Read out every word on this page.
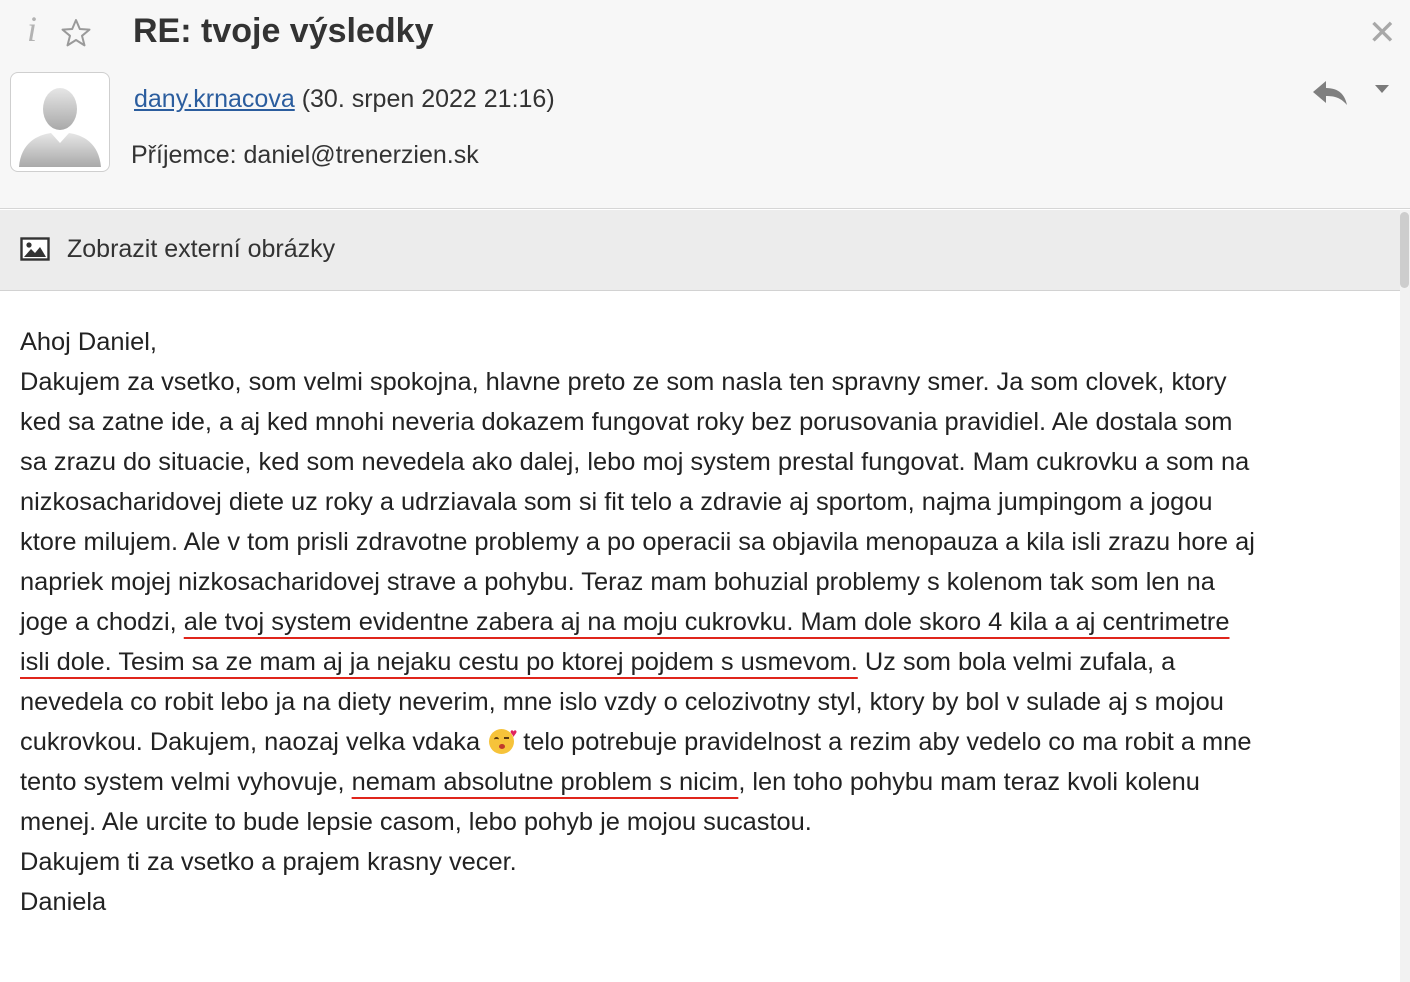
i	RE: tvoje výsledky	✕
dany.krnacova (30. srpen 2022 21:16)
Příjemce: daniel@trenerzien.sk
Zobrazit externí obrázky
Ahoj Daniel,
Dakujem za vsetko, som velmi spokojna, hlavne preto ze som nasla ten spravny smer. Ja som clovek, ktory
ked sa zatne ide, a aj ked mnohi neveria dokazem fungovat roky bez porusovania pravidiel. Ale dostala som
sa zrazu do situacie, ked som nevedela ako dalej, lebo moj system prestal fungovat. Mam cukrovku a som na
nizkosacharidovej diete uz roky a udrziavala som si fit telo a zdravie aj sportom, najma jumpingom a jogou
ktore milujem. Ale v tom prisli zdravotne problemy a po operacii sa objavila menopauza a kila isli zrazu hore aj
napriek mojej nizkosacharidovej strave a pohybu. Teraz mam bohuzial problemy s kolenom tak som len na
joge a chodzi, ale tvoj system evidentne zabera aj na moju cukrovku. Mam dole skoro 4 kila a aj centrimetre
isli dole. Tesim sa ze mam aj ja nejaku cestu po ktorej pojdem s usmevom. Uz som bola velmi zufala, a
nevedela co robit lebo ja na diety neverim, mne islo vzdy o celozivotny styl, ktory by bol v sulade aj s mojou
cukrovkou. Dakujem, naozaj velka vdaka ♥ telo potrebuje pravidelnost a rezim aby vedelo co ma robit a mne
tento system velmi vyhovuje, nemam absolutne problem s nicim, len toho pohybu mam teraz kvoli kolenu
menej. Ale urcite to bude lepsie casom, lebo pohyb je mojou sucastou.
Dakujem ti za vsetko a prajem krasny vecer.
Daniela
